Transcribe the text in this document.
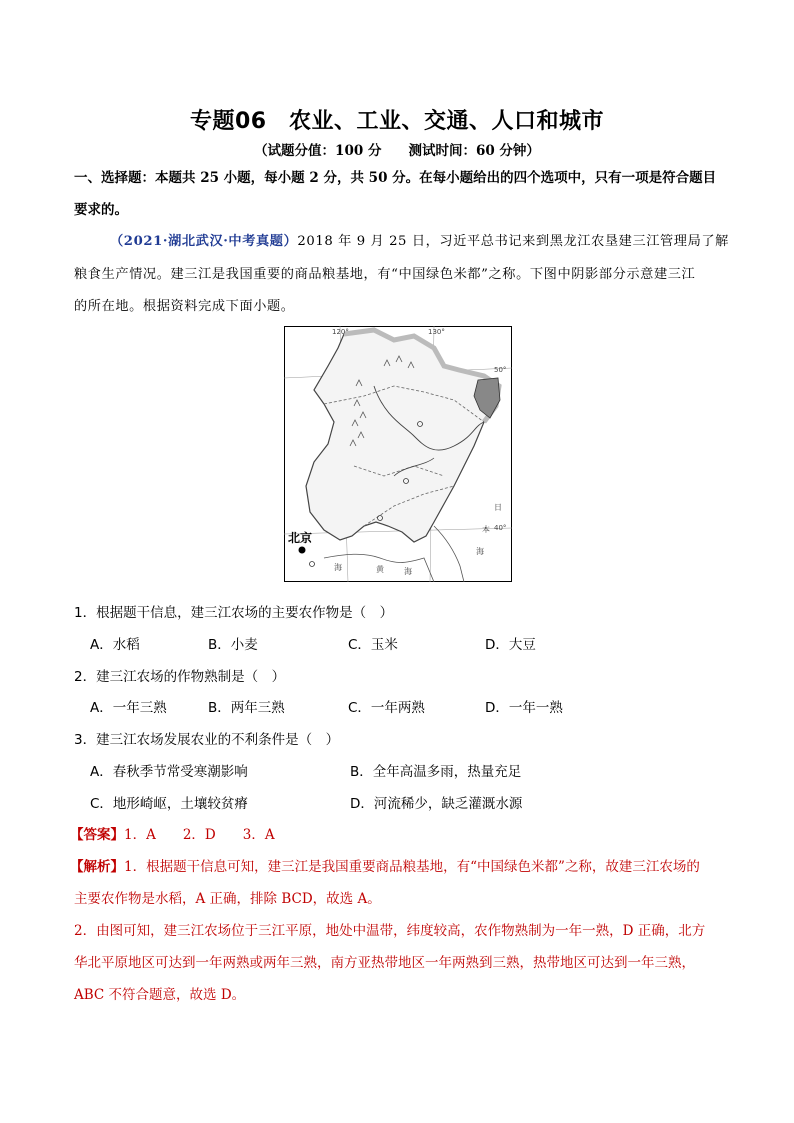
专题06　农业、工业、交通、人口和城市
（试题分值：100 分　　测试时间：60 分钟）
一、选择题：本题共 25 小题，每小题 2 分，共 50 分。在每小题给出的四个选项中，只有一项是符合题目
要求的。
（2021·湖北武汉·中考真题）2018 年 9 月 25 日，习近平总书记来到黑龙江农垦建三江管理局了解
粮食生产情况。建三江是我国重要的商品粮基地，有“中国绿色米都”之称。下图中阴影部分示意建三江
的所在地。根据资料完成下面小题。
北京
120°	130°
50°
40°
海	黄	海
日
本
海
1．根据题干信息，建三江农场的主要农作物是（　）
A．水稻	B．小麦	C．玉米	D．大豆
2．建三江农场的作物熟制是（　）
A．一年三熟	B．两年三熟	C．一年两熟	D．一年一熟
3．建三江农场发展农业的不利条件是（　）
A．春秋季节常受寒潮影响	B．全年高温多雨，热量充足
C．地形崎岖，土壤较贫瘠	D．河流稀少，缺乏灌溉水源
【答案】1．A　　2．D　　3．A
【解析】1．根据题干信息可知，建三江是我国重要商品粮基地，有“中国绿色米都”之称，故建三江农场的
主要农作物是水稻，A 正确，排除 BCD，故选 A。
2．由图可知，建三江农场位于三江平原，地处中温带，纬度较高，农作物熟制为一年一熟，D 正确，北方
华北平原地区可达到一年两熟或两年三熟，南方亚热带地区一年两熟到三熟，热带地区可达到一年三熟，
ABC 不符合题意，故选 D。
